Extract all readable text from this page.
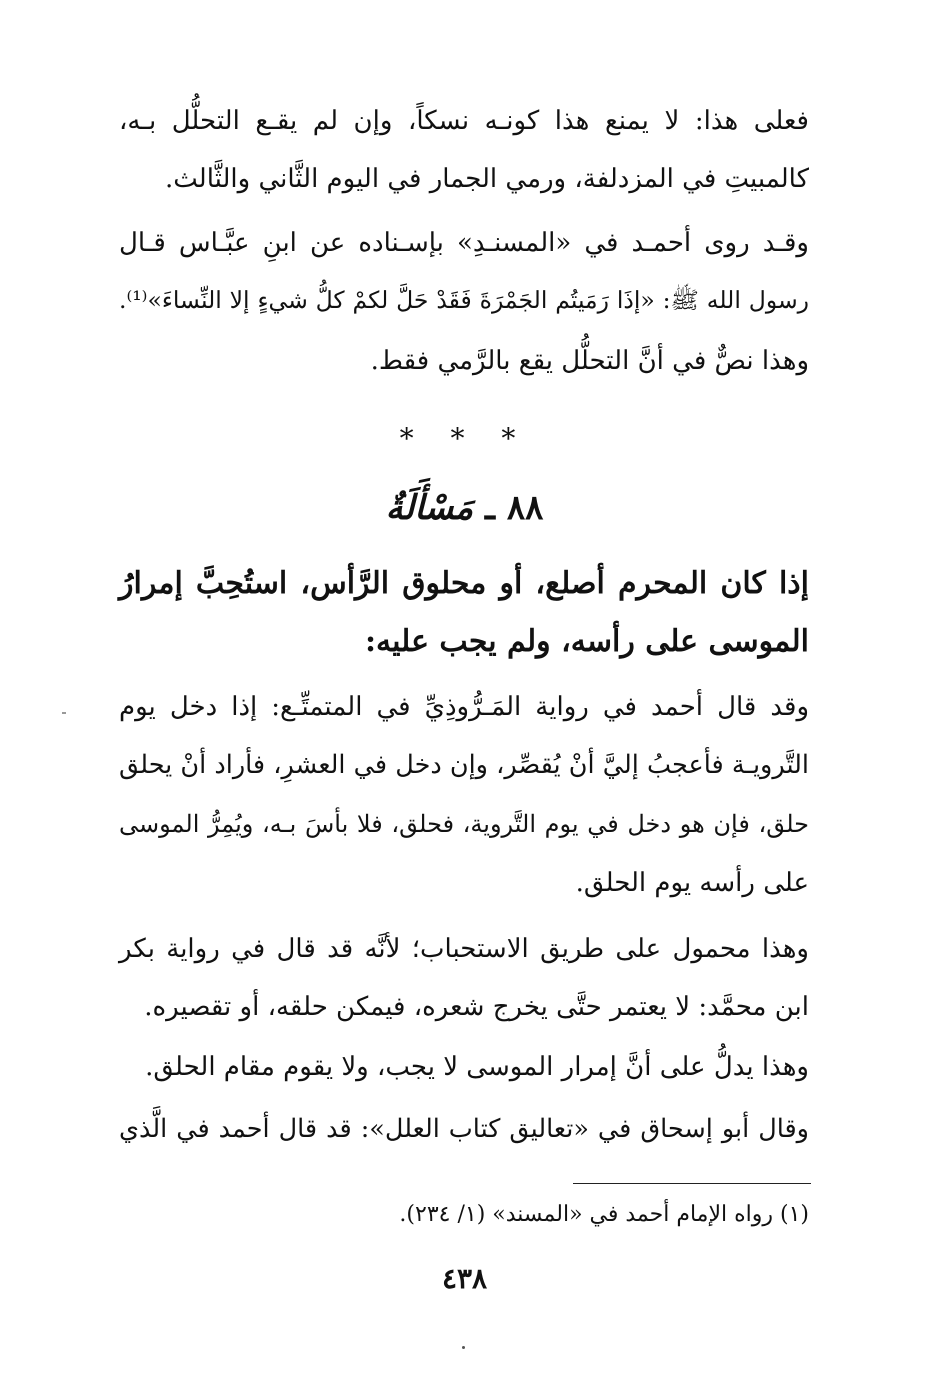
فعلى هذا: لا يمنع هذا كونـه نسكاً، وإن لم يقـع التحلُّل بـه،
كالمبيتِ في المزدلفة، ورمي الجمار في اليوم الثَّاني والثَّالث.
وقـد روى أحمـد في «المسنـدِ» بإسـناده عن ابنِ عبَّـاس قـال
رسول الله ﷺ: «إذَا رَمَيتُم الجَمْرَةَ فَقَدْ حَلَّ لكمْ كلُّ شيءٍ إلا النِّساءَ»⁽¹⁾.
وهذا نصٌّ في أنَّ التحلُّل يقع بالرَّمي فقط.
* * *
٨٨ ـ مَسْأَلَةٌ
إذا كان المحرم أصلع، أو محلوق الرَّأس، استُحِبَّ إمرارُ
الموسى على رأسه، ولم يجب عليه:
وقد قال أحمد في رواية المَـرُّوذِيِّ في المتمتِّـع: إذا دخل يوم
التَّرويـة فأعجبُ إليَّ أنْ يُقصِّر، وإن دخل في العشرِ، فأراد أنْ يحلق
حلق، فإن هو دخل في يوم التَّروية، فحلق، فلا بأسَ بـه، ويُمِرُّ الموسى
على رأسه يوم الحلق.
وهذا محمول على طريق الاستحباب؛ لأنَّه قد قال في رواية بكر
ابن محمَّد: لا يعتمر حتَّى يخرج شعره، فيمكن حلقه، أو تقصيره.
وهذا يدلُّ على أنَّ إمرار الموسى لا يجب، ولا يقوم مقام الحلق.
وقال أبو إسحاق في «تعاليق كتاب العلل»: قد قال أحمد في الَّذي
(١) رواه الإمام أحمد في «المسند» (١/ ٢٣٤).
٤٣٨
